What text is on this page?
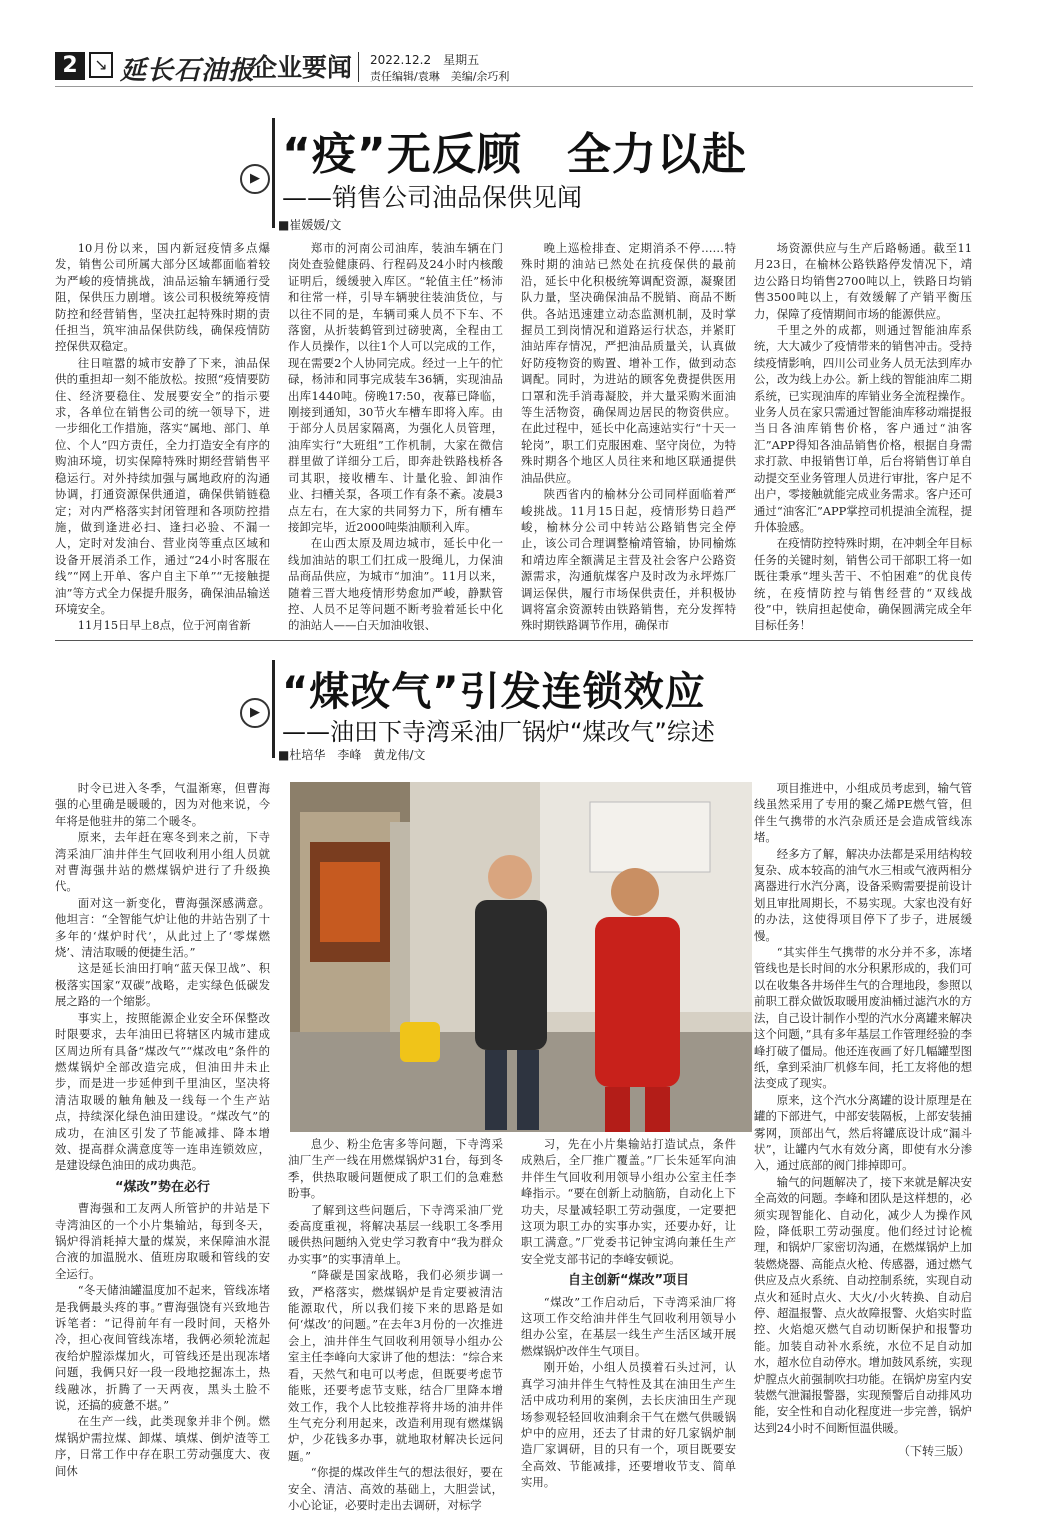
2	↘ 延长石油报
企业要闻 2022.12.2　星期五
责任编辑/袁琳　美编/余巧利
▶ “疫”无反顾　全力以赴
——销售公司油品保供见闻
■崔媛媛/文

10月份以来，国内新冠疫情多点爆发，销售公司所属大部分区域都面临着较为严峻的疫情挑战，油品运输车辆通行受阻，保供压力剧增。该公司积极统筹疫情防控和经营销售，坚决扛起特殊时期的责任担当，筑牢油品保供防线，确保疫情防控保供双稳定。

往日喧嚣的城市安静了下来，油品保供的重担却一刻不能放松。按照“疫情要防住、经济要稳住、发展要安全”的指示要求，各单位在销售公司的统一领导下，进一步细化工作措施，落实“属地、部门、单位、个人”四方责任，全力打造安全有序的购油环境，切实保障特殊时期经营销售平稳运行。对外持续加强与属地政府的沟通协调，打通资源保供通道，确保供销链稳定；对内严格落实封闭管理和各项防控措施，做到逢进必扫、逢扫必验、不漏一人，定时对发油台、营业岗等重点区域和设备开展消杀工作，通过“24小时客服在线”“网上开单、客户自主下单”“无接触提油”等方式全力保提升服务，确保油品输送环境安全。

11月15日早上8点，位于河南省新

郑市的河南公司油库，装油车辆在门岗处查验健康码、行程码及24小时内核酸证明后，缓缓驶入库区。“轮值主任”杨沛和往常一样，引导车辆驶往装油货位，与以往不同的是，车辆司乘人员不下车、不落窗，从折装鹤管到过磅驶离，全程由工作人员操作，以往1个人可以完成的工作，现在需要2个人协同完成。经过一上午的忙碌，杨沛和同事完成装车36辆，实现油品出库1440吨。傍晚17:50，夜幕已降临，刚接到通知，30节火车槽车即将入库。由于部分人员居家隔离，为强化人员管理，油库实行“大班组”工作机制，大家在微信群里做了详细分工后，即奔赴铁路栈桥各司其职，接收槽车、计量化验、卸油作业、扫槽关泵，各项工作有条不紊。凌晨3点左右，在大家的共同努力下，所有槽车接卸完毕，近2000吨柴油顺利入库。

在山西太原及周边城市，延长中化一线加油站的职工们扛成一股绳儿，力保油品商品供应，为城市“加油”。11月以来，随着三晋大地疫情形势愈加严峻，静默管控、人员不足等问题不断考验着延长中化的油站人——白天加油收银、

晚上巡检排查、定期消杀不停……特殊时期的油站已然处在抗疫保供的最前沿，延长中化积极统筹调配资源，凝聚团队力量，坚决确保油品不脱销、商品不断供。各站迅速建立动态监测机制，及时掌握员工到岗情况和道路运行状态，并紧盯油站库存情况，严把油品质量关，认真做好防疫物资的购置、增补工作，做到动态调配。同时，为进站的顾客免费提供医用口罩和洗手消毒凝胶，并大量采购米面油等生活物资，确保周边居民的物资供应。在此过程中，延长中化高速站实行“十天一轮岗”，职工们克服困难、坚守岗位，为特殊时期各个地区人员往来和地区联通提供油品供应。

陕西省内的榆林分公司同样面临着严峻挑战。11月15日起，疫情形势日趋严峻，榆林分公司中转站公路销售完全停止，该公司合理调整榆靖管输，协同榆炼和靖边库全额满足主营及社会客户公路资源需求，沟通航煤客户及时改为永坪炼厂调运保供，履行市场保供责任，并积极协调将富余资源转由铁路销售，充分发挥特殊时期铁路调节作用，确保市

场资源供应与生产后路畅通。截至11月23日，在榆林公路铁路停发情况下，靖边公路日均销售2700吨以上，铁路日均销售3500吨以上，有效缓解了产销平衡压力，保障了疫情期间市场的能源供应。

千里之外的成都，则通过智能油库系统，大大减少了疫情带来的销售冲击。受持续疫情影响，四川公司业务人员无法到库办公，改为线上办公。新上线的智能油库二期系统，已实现油库的库销业务全流程操作。业务人员在家只需通过智能油库移动端提报当日各油库销售价格，客户通过“油客汇”APP得知各油品销售价格，根据自身需求打款、申报销售订单，后台将销售订单自动提交至业务管理人员进行审批，客户足不出户，零接触就能完成业务需求。客户还可通过“油客汇”APP掌控司机提油全流程，提升体验感。

在疫情防控特殊时期，在冲刺全年目标任务的关键时刻，销售公司干部职工将一如既往秉承“埋头苦干、不怕困难”的优良传统，在疫情防控与销售经营的“双线战役”中，铁肩担起使命，确保圆满完成全年目标任务！

▶ “煤改气”引发连锁效应
——油田下寺湾采油厂锅炉“煤改气”综述
■杜培华　李峰　黄龙伟/文

时令已进入冬季，气温渐寒，但曹海强的心里确是暖暖的，因为对他来说，今年将是他驻井的第二个暖冬。

原来，去年赶在寒冬到来之前，下寺湾采油厂油井伴生气回收利用小组人员就对曹海强井站的燃煤锅炉进行了升级换代。

面对这一新变化，曹海强深感满意。他坦言：“全智能气炉让他的井站告别了十多年的‘煤炉时代’，从此过上了‘零煤燃烧’、清洁取暖的便捷生活。”

这是延长油田打响“蓝天保卫战”、积极落实国家“双碳”战略，走实绿色低碳发展之路的一个缩影。

事实上，按照能源企业安全环保整改时限要求，去年油田已将辖区内城市建成区周边所有具备“煤改气”“煤改电”条件的燃煤锅炉全部改造完成，但油田井未止步，而是进一步延伸到千里油区，坚决将清洁取暖的触角触及一线每一个生产站点，持续深化绿色油田建设。“煤改气”的成功，在油区引发了节能减排、降本增效、提高群众满意度等一连串连锁效应，是建设绿色油田的成功典范。

“煤改”势在必行

曹海强和工友两人所管护的井站是下寺湾油区的一个小片集输站，每到冬天，锅炉得消耗掉大量的煤炭，来保障油水混合液的加温脱水、值班房取暖和管线的安全运行。

“冬天储油罐温度加不起来，管线冻堵是我俩最头疼的事。”曹海强饶有兴致地告诉笔者：“记得前年有一段时间，天格外冷，担心夜间管线冻堵，我俩必须轮流起夜给炉膛添煤加火，可管线还是出现冻堵问题，我俩只好一段一段地挖掘冻土，热线融冰，折腾了一天两夜，黑头土脸不说，还搞的疲惫不堪。”

在生产一线，此类现象并非个例。燃煤锅炉需拉煤、卸煤、填煤、倒炉渣等工序，日常工作中存在职工劳动强度大、夜间休

息少、粉尘危害多等问题，下寺湾采油厂生产一线在用燃煤锅炉31台，每到冬季，供热取暖问题便成了职工们的急难愁盼事。

了解到这些问题后，下寺湾采油厂党委高度重视，将解决基层一线职工冬季用暖供热问题纳入党史学习教育中“我为群众办实事”的实事清单上。

“降碳是国家战略，我们必须步调一致，严格落实，燃煤锅炉是肯定要被清洁能源取代，所以我们接下来的思路是如何‘煤改’的问题。”在去年3月份的一次推进会上，油井伴生气回收利用领导小组办公室主任李峰向大家讲了他的想法：“综合来看，天然气和电可以考虑，但既要考虑节能账，还要考虑节支账，结合厂里降本增效工作，我个人比较推荐将井场的油井伴生气充分利用起来，改造利用现有燃煤锅炉，少花钱多办事，就地取材解决长远问题。”

“你提的煤改伴生气的想法很好，要在安全、清洁、高效的基础上，大胆尝试，小心论证，必要时走出去调研，对标学

习，先在小片集输站打造试点，条件成熟后，全厂推广覆盖。”厂长朱延军向油井伴生气回收利用领导小组办公室主任李峰指示。“要在创新上动脑筋，自动化上下功夫，尽量减轻职工劳动强度，一定要把这项为职工办的实事办实，还要办好，让职工满意。”厂党委书记钟宝鸿向兼任生产安全党支部书记的李峰安顿说。

自主创新“煤改”项目

“煤改”工作启动后，下寺湾采油厂将这项工作交给油井伴生气回收利用领导小组办公室，在基层一线生产生活区域开展燃煤锅炉改伴生气项目。

刚开始，小组人员摸着石头过河，认真学习油井伴生气特性及其在油田生产生活中成功利用的案例，去长庆油田生产现场参观轻轻回收油剩余干气在燃气供暖锅炉中的应用，还去了甘肃的好几家锅炉制造厂家调研，目的只有一个，项目既要安全高效、节能减排，还要增收节支、简单实用。

项目推进中，小组成员考虑到，输气管线虽然采用了专用的聚乙烯PE燃气管，但伴生气携带的水汽杂质还是会造成管线冻堵。

经多方了解，解决办法都是采用结构较复杂、成本较高的油气水三相或气液两相分离器进行水汽分离，设备采购需要提前设计划且审批周期长，不易实现。大家也没有好的办法，这使得项目停下了步子，进展缓慢。

“其实伴生气携带的水分并不多，冻堵管线也是长时间的水分积累形成的，我们可以在收集各井场伴生气的合理地段，参照以前职工群众做饭取暖用废油桶过滤汽水的方法，自己设计制作小型的汽水分离罐来解决这个问题，”具有多年基层工作管理经验的李峰打破了僵局。他还连夜画了好几幅罐型图纸，拿到采油厂机修车间，托工友将他的想法变成了现实。

原来，这个汽水分离罐的设计原理是在罐的下部进气，中部安装隔板，上部安装捕雾网，顶部出气，然后将罐底设计成“漏斗状”，让罐内气水有效分离，即使有水分渗入，通过底部的阀门排掉即可。

输气的问题解决了，接下来就是解决安全高效的问题。李峰和团队是这样想的，必须实现智能化、自动化，减少人为操作风险，降低职工劳动强度。他们经过讨论梳理，和锅炉厂家密切沟通，在燃煤锅炉上加装燃烧器、高能点火枪、传感器，通过燃气供应及点火系统、自动控制系统，实现自动点火和延时点火、大火/小火转换、自动启停、超温报警、点火故障报警、火焰实时监控、火焰熄灭燃气自动切断保护和报警功能。加装自动补水系统，水位不足自动加水，超水位自动停水。增加鼓风系统，实现炉膛点火前强制吹扫功能。在锅炉房室内安装燃气泄漏报警器，实现预警后自动排风功能，安全性和自动化程度进一步完善，锅炉达到24小时不间断恒温供暖。

（下转三版）
